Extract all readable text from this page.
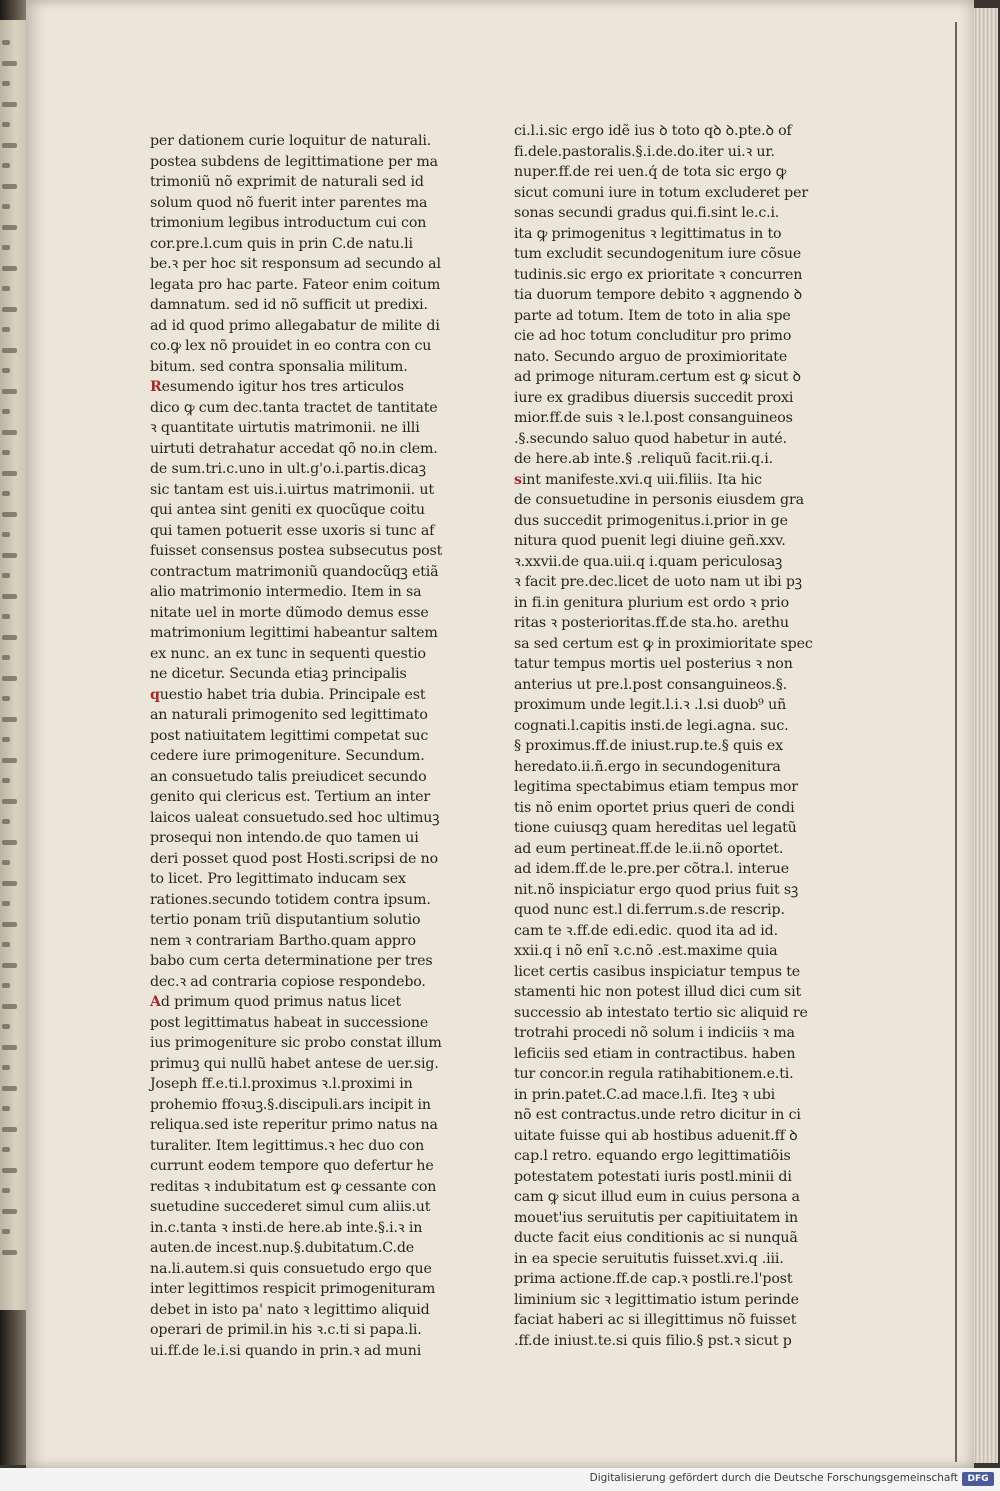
per dationem curie loquitur de naturali.
postea subdens de legittimatione per ma
trimoniũ nõ exprimit de naturali sed id
solum quod nõ fuerit inter parentes ma
trimonium legibus introductum cui con
cor.pre.l.cum quis in prin C.de natu.li
be.ꝛ per hoc sit responsum ad secundo al
legata pro hac parte. Fateor enim coitum
damnatum. sed id nõ sufficit ut predixi.
ad id quod primo allegabatur de milite di
co.ꝙ lex nõ prouidet in eo contra con cu
bitum. sed contra sponsalia militum.
Resumendo igitur hos tres articulos
dico ꝙ cum dec.tanta tractet de tantitate
ꝛ quantitate uirtutis matrimonii. ne illi
uirtuti detrahatur accedat qõ no.in clem.
de sum.tri.c.uno in ult.g'o.i.partis.dicaꝫ
sic tantam est uis.i.uirtus matrimonii. ut
qui antea sint geniti ex quocũque coitu
qui tamen potuerit esse uxoris si tunc af
fuisset consensus postea subsecutus post
contractum matrimoniũ quandocũqꝫ etiã
alio matrimonio intermedio. Item in sa
nitate uel in morte dũmodo demus esse
matrimonium legittimi habeantur saltem
ex nunc. an ex tunc in sequenti questio
ne dicetur. Secunda etiaꝫ principalis
questio habet tria dubia. Principale est
an naturali primogenito sed legittimato
post natiuitatem legittimi competat suc
cedere iure primogeniture. Secundum.
an consuetudo talis preiudicet secundo
genito qui clericus est. Tertium an inter
laicos ualeat consuetudo.sed hoc ultimuꝫ
prosequi non intendo.de quo tamen ui
deri posset quod post Hosti.scripsi de no
to licet. Pro legittimato inducam sex
rationes.secundo totidem contra ipsum.
tertio ponam triũ disputantium solutio
nem ꝛ contrariam Bartho.quam appro
babo cum certa determinatione per tres
dec.ꝛ ad contraria copiose respondebo.
Ad primum quod primus natus licet
post legittimatus habeat in successione
ius primogeniture sic probo constat illum
primuꝫ qui nullũ habet antese de uer.sig.
Joseph ff.e.ti.l.proximus ꝛ.l.proximi in
prohemio ffoꝛuꝫ.§.discipuli.ars incipit in
reliqua.sed iste reperitur primo natus na
turaliter. Item legittimus.ꝛ hec duo con
currunt eodem tempore quo defertur he
reditas ꝛ indubitatum est ꝙ cessante con
suetudine succederet simul cum aliis.ut
in.c.tanta ꝛ insti.de here.ab inte.§.i.ꝛ in
auten.de incest.nup.§.dubitatum.C.de
na.li.autem.si quis consuetudo ergo que
inter legittimos respicit primogenituram
debet in isto pa' nato ꝛ legittimo aliquid
operari de primil.in his ꝛ.c.ti si papa.li.
ui.ff.de le.i.si quando in prin.ꝛ ad muni
ci.l.i.sic ergo idẽ ius ꝺ toto qꝺ ꝺ.pte.ꝺ of
fi.dele.pastoralis.§.i.de.do.iter ui.ꝛ ur.
nuper.ff.de rei uen.q́ de tota sic ergo ꝙ
sicut comuni iure in totum excluderet per
sonas secundi gradus qui.fi.sint le.c.i.
ita ꝙ primogenitus ꝛ legittimatus in to
tum excludit secundogenitum iure cõsue
tudinis.sic ergo ex prioritate ꝛ concurren
tia duorum tempore debito ꝛ aggnendo ꝺ
parte ad totum. Item de toto in alia spe
cie ad hoc totum concluditur pro primo
nato. Secundo arguo de proximioritate
ad primoge nituram.certum est ꝙ sicut ꝺ
iure ex gradibus diuersis succedit proxi
mior.ff.de suis ꝛ le.l.post consanguineos
.§.secundo saluo quod habetur in auté.
de here.ab inte.§ .reliquũ facit.rii.q.i.
sint manifeste.xvi.q uii.filiis. Ita hic
de consuetudine in personis eiusdem gra
dus succedit primogenitus.i.prior in ge
nitura quod puenit legi diuine geñ.xxv.
ꝛ.xxvii.de qua.uii.q i.quam periculosaꝫ
ꝛ facit pre.dec.licet de uoto nam ut ibi pꝫ
in fi.in genitura plurium est ordo ꝛ prio
ritas ꝛ posterioritas.ff.de sta.ho. arethu
sa sed certum est ꝙ in proximioritate spec
tatur tempus mortis uel posterius ꝛ non
anterius ut pre.l.post consanguineos.§.
proximum unde legit.l.i.ꝛ .l.si duob⁹ uñ
cognati.l.capitis insti.de legi.agna. suc.
§ proximus.ff.de iniust.rup.te.§ quis ex
heredato.ii.ñ.ergo in secundogenitura
legitima spectabimus etiam tempus mor
tis nõ enim oportet prius queri de condi
tione cuiusqꝫ quam hereditas uel legatũ
ad eum pertineat.ff.de le.ii.nõ oportet.
ad idem.ff.de le.pre.per cõtra.l. interue
nit.nõ inspiciatur ergo quod prius fuit sꝫ
quod nunc est.l di.ferrum.s.de rescrip.
cam te ꝛ.ff.de edi.edic. quod ita ad id.
xxii.q i nõ enĩ ꝛ.c.nõ .est.maxime quia
licet certis casibus inspiciatur tempus te
stamenti hic non potest illud dici cum sit
successio ab intestato tertio sic aliquid re
trotrahi procedi nõ solum i indiciis ꝛ ma
leficiis sed etiam in contractibus. haben
tur concor.in regula ratihabitionem.e.ti.
in prin.patet.C.ad mace.l.fi. Iteꝫ ꝛ ubi
nõ est contractus.unde retro dicitur in ci
uitate fuisse qui ab hostibus aduenit.ff ꝺ
cap.l retro. equando ergo legittimatiõis
potestatem potestati iuris postl.minii di
cam ꝙ sicut illud eum in cuius persona a
mouet'ius seruitutis per capitiuitatem in
ducte facit eius conditionis ac si nunquã
in ea specie seruitutis fuisset.xvi.q .iii.
prima actione.ff.de cap.ꝛ postli.re.l'post
liminium sic ꝛ legittimatio istum perinde
faciat haberi ac si illegittimus nõ fuisset
.ff.de iniust.te.si quis filio.§ pst.ꝛ sicut p
Digitalisierung gefördert durch die Deutsche Forschungsgemeinschaft	DFG
